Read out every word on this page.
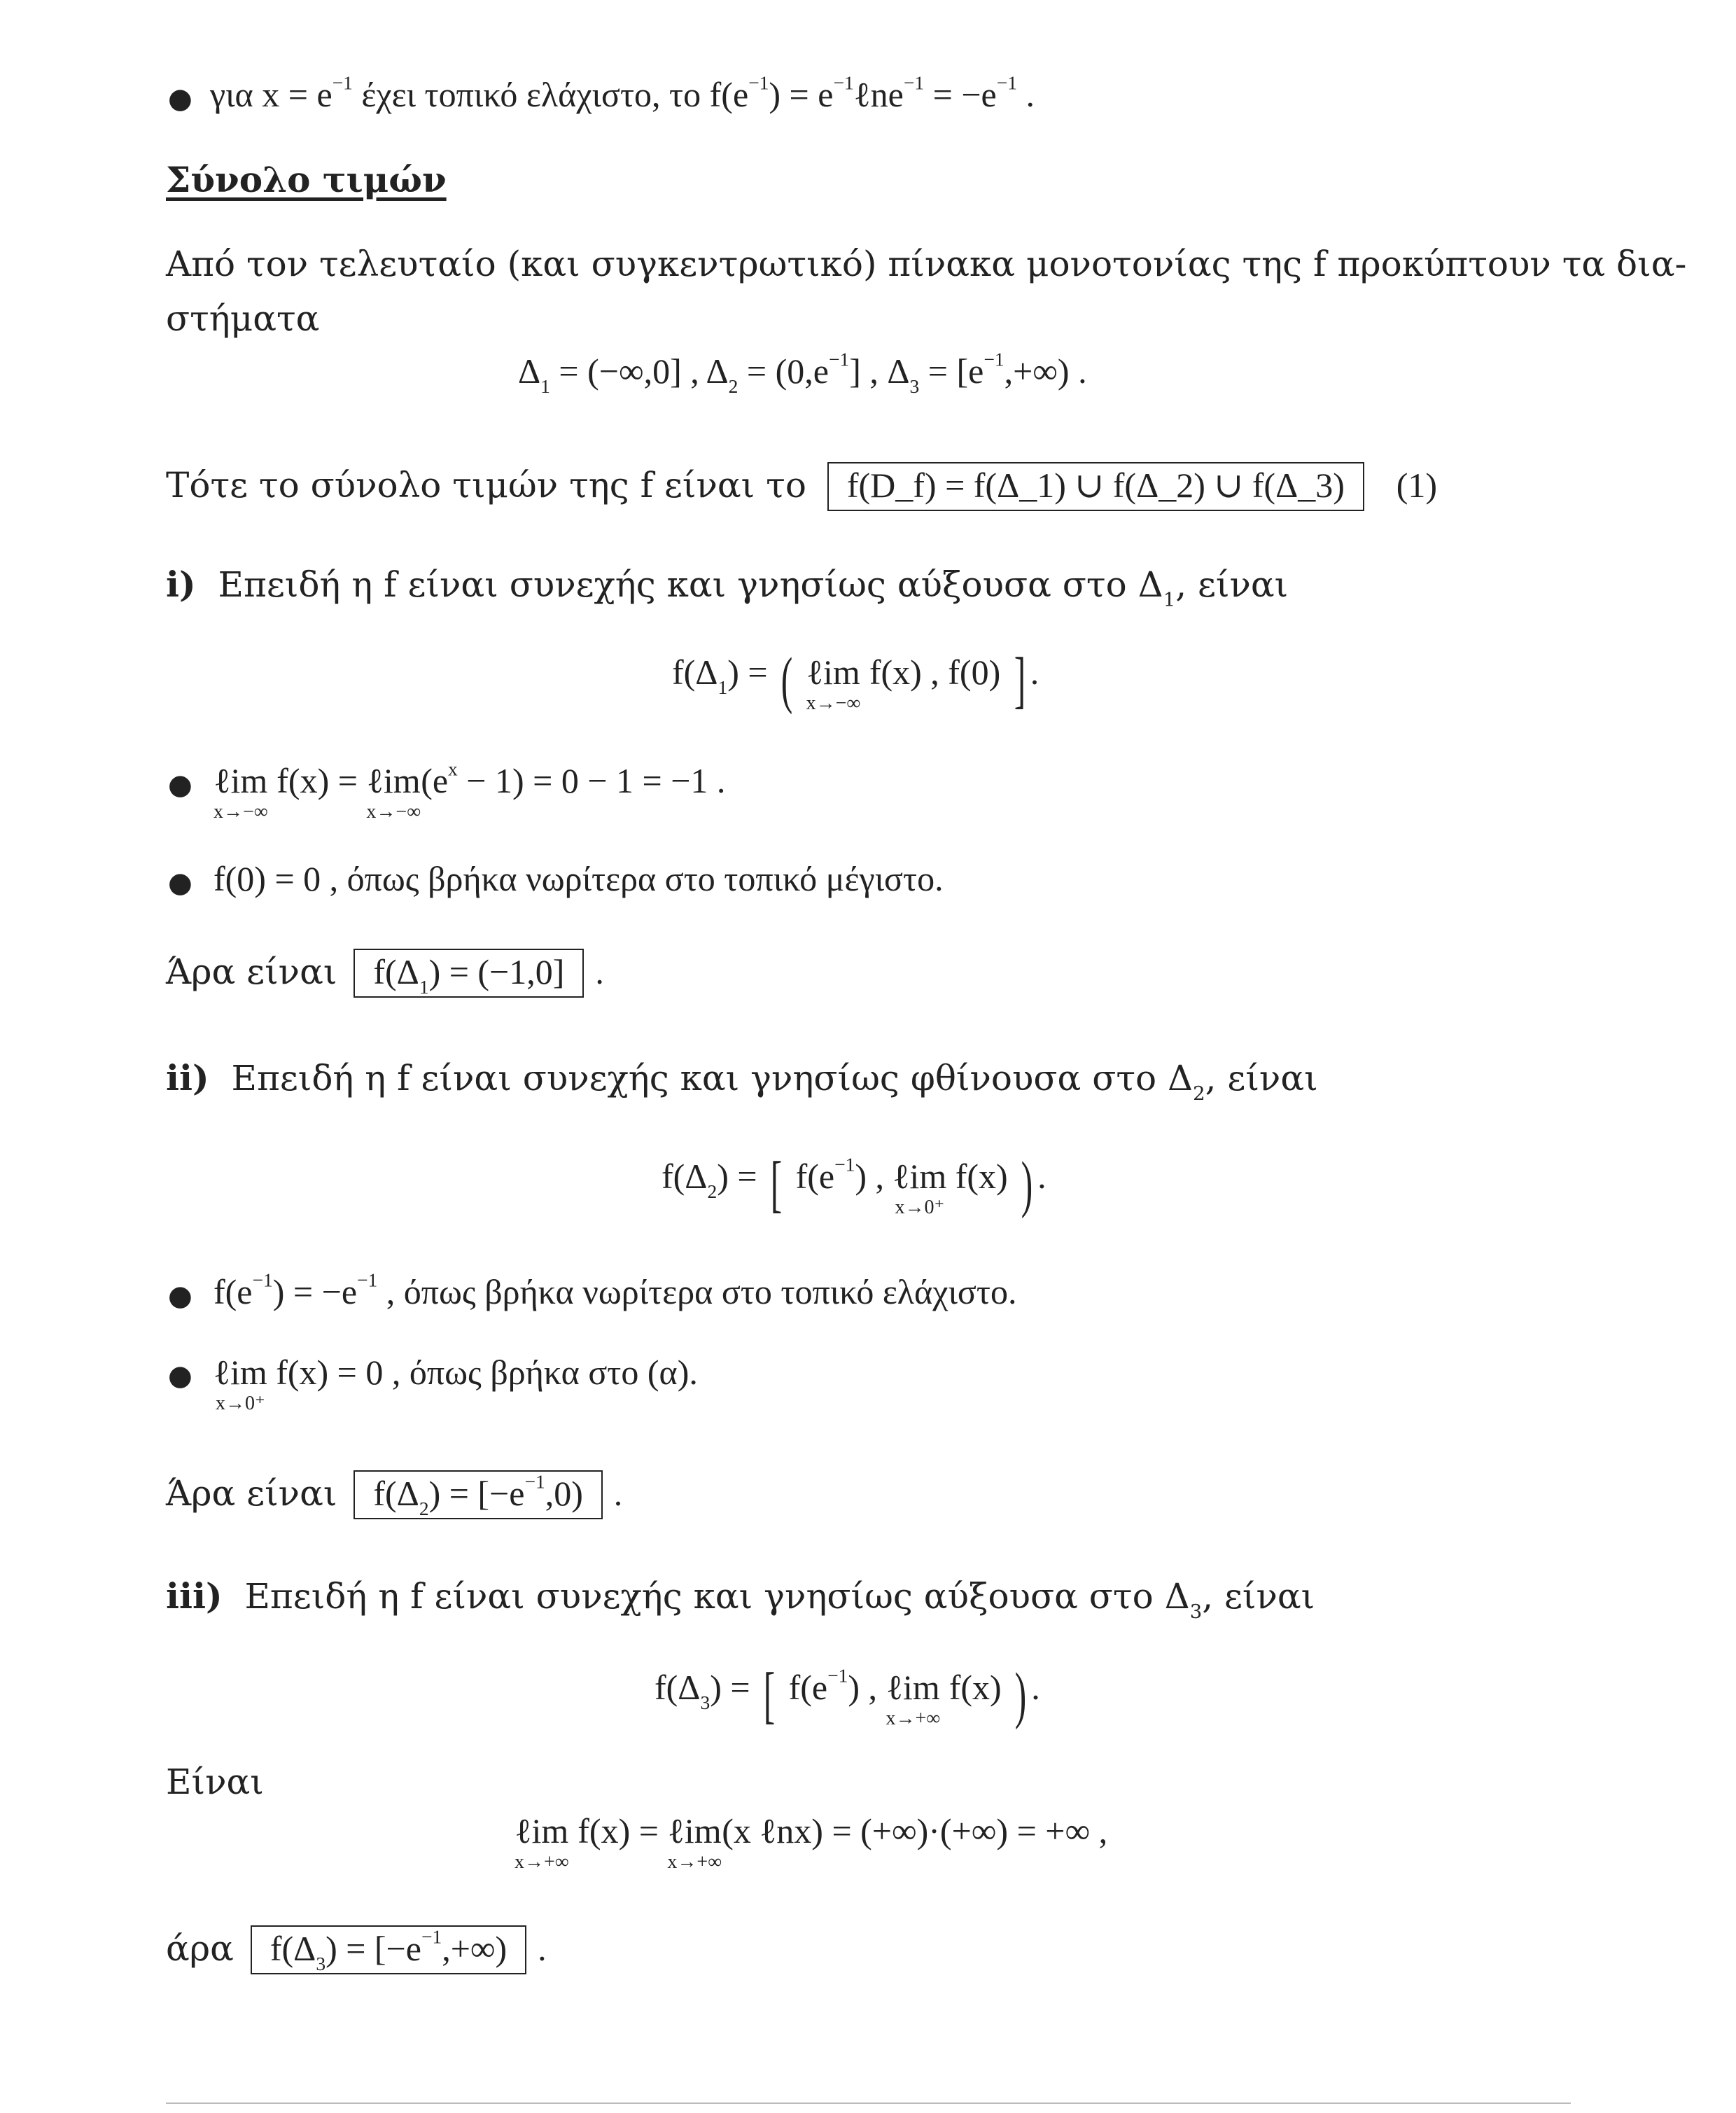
● για $x = e^{-1}$ έχει τοπικό ελάχιστο, το $f(e^{-1})$ = $e^{-1}\ell ne^{-1} = -e^{-1}$ .
Σύνολο τιμών
Από τον τελευταίο (και συγκεντρωτικό) πίνακα μονοτονίας της f προκύπτουν τα δια-
στήματα
$\Delta_1 = (-\infty,0]$ , $\Delta_2 = (0,e^{-1}]$ , $\Delta_3 = [e^{-1},+\infty)$ .
Τότε το σύνολο τιμών της f είναι το f(D_f) = f(Δ_1) ∪ f(Δ_2) ∪ f(Δ_3) (1)
i) Επειδή η f είναι συνεχής και γνησίως αύξουσα στο $\Delta_1$, είναι
$f(\Delta_1)$ = ( ℓim
x→−∞
f(x) , f(0) ] .
● ℓim
x→−∞
f(x) = ℓim
x→−∞
$(e^x - 1) = 0 - 1 = -1$ .
● f(0) = 0 , όπως βρήκα νωρίτερα στο τοπικό μέγιστο.
Άρα είναι $f(\Delta_1) = (-1,0]$ .
ii) Επειδή η f είναι συνεχής και γνησίως φθίνουσα στο $\Delta_2$, είναι
$f(\Delta_2)$ = [ $f(e^{-1})$ , ℓim
x→0⁺
f(x) ) .
● $f(e^{-1}) = -e^{-1}$ , όπως βρήκα νωρίτερα στο τοπικό ελάχιστο.
● ℓim
x→0⁺
f(x) = 0 , όπως βρήκα στο (α).
Άρα είναι $f(\Delta_2) = [-e^{-1},0)$ .
iii) Επειδή η f είναι συνεχής και γνησίως αύξουσα στο $\Delta_3$, είναι
$f(\Delta_3)$ = [ $f(e^{-1})$ , ℓim
x→+∞
f(x) ) .
Είναι
ℓim
x→+∞
f(x) = ℓim
x→+∞
(x ℓnx) = (+∞)·(+∞) = +∞ ,
άρα $f(\Delta_3) = [-e^{-1},+\infty)$ .
